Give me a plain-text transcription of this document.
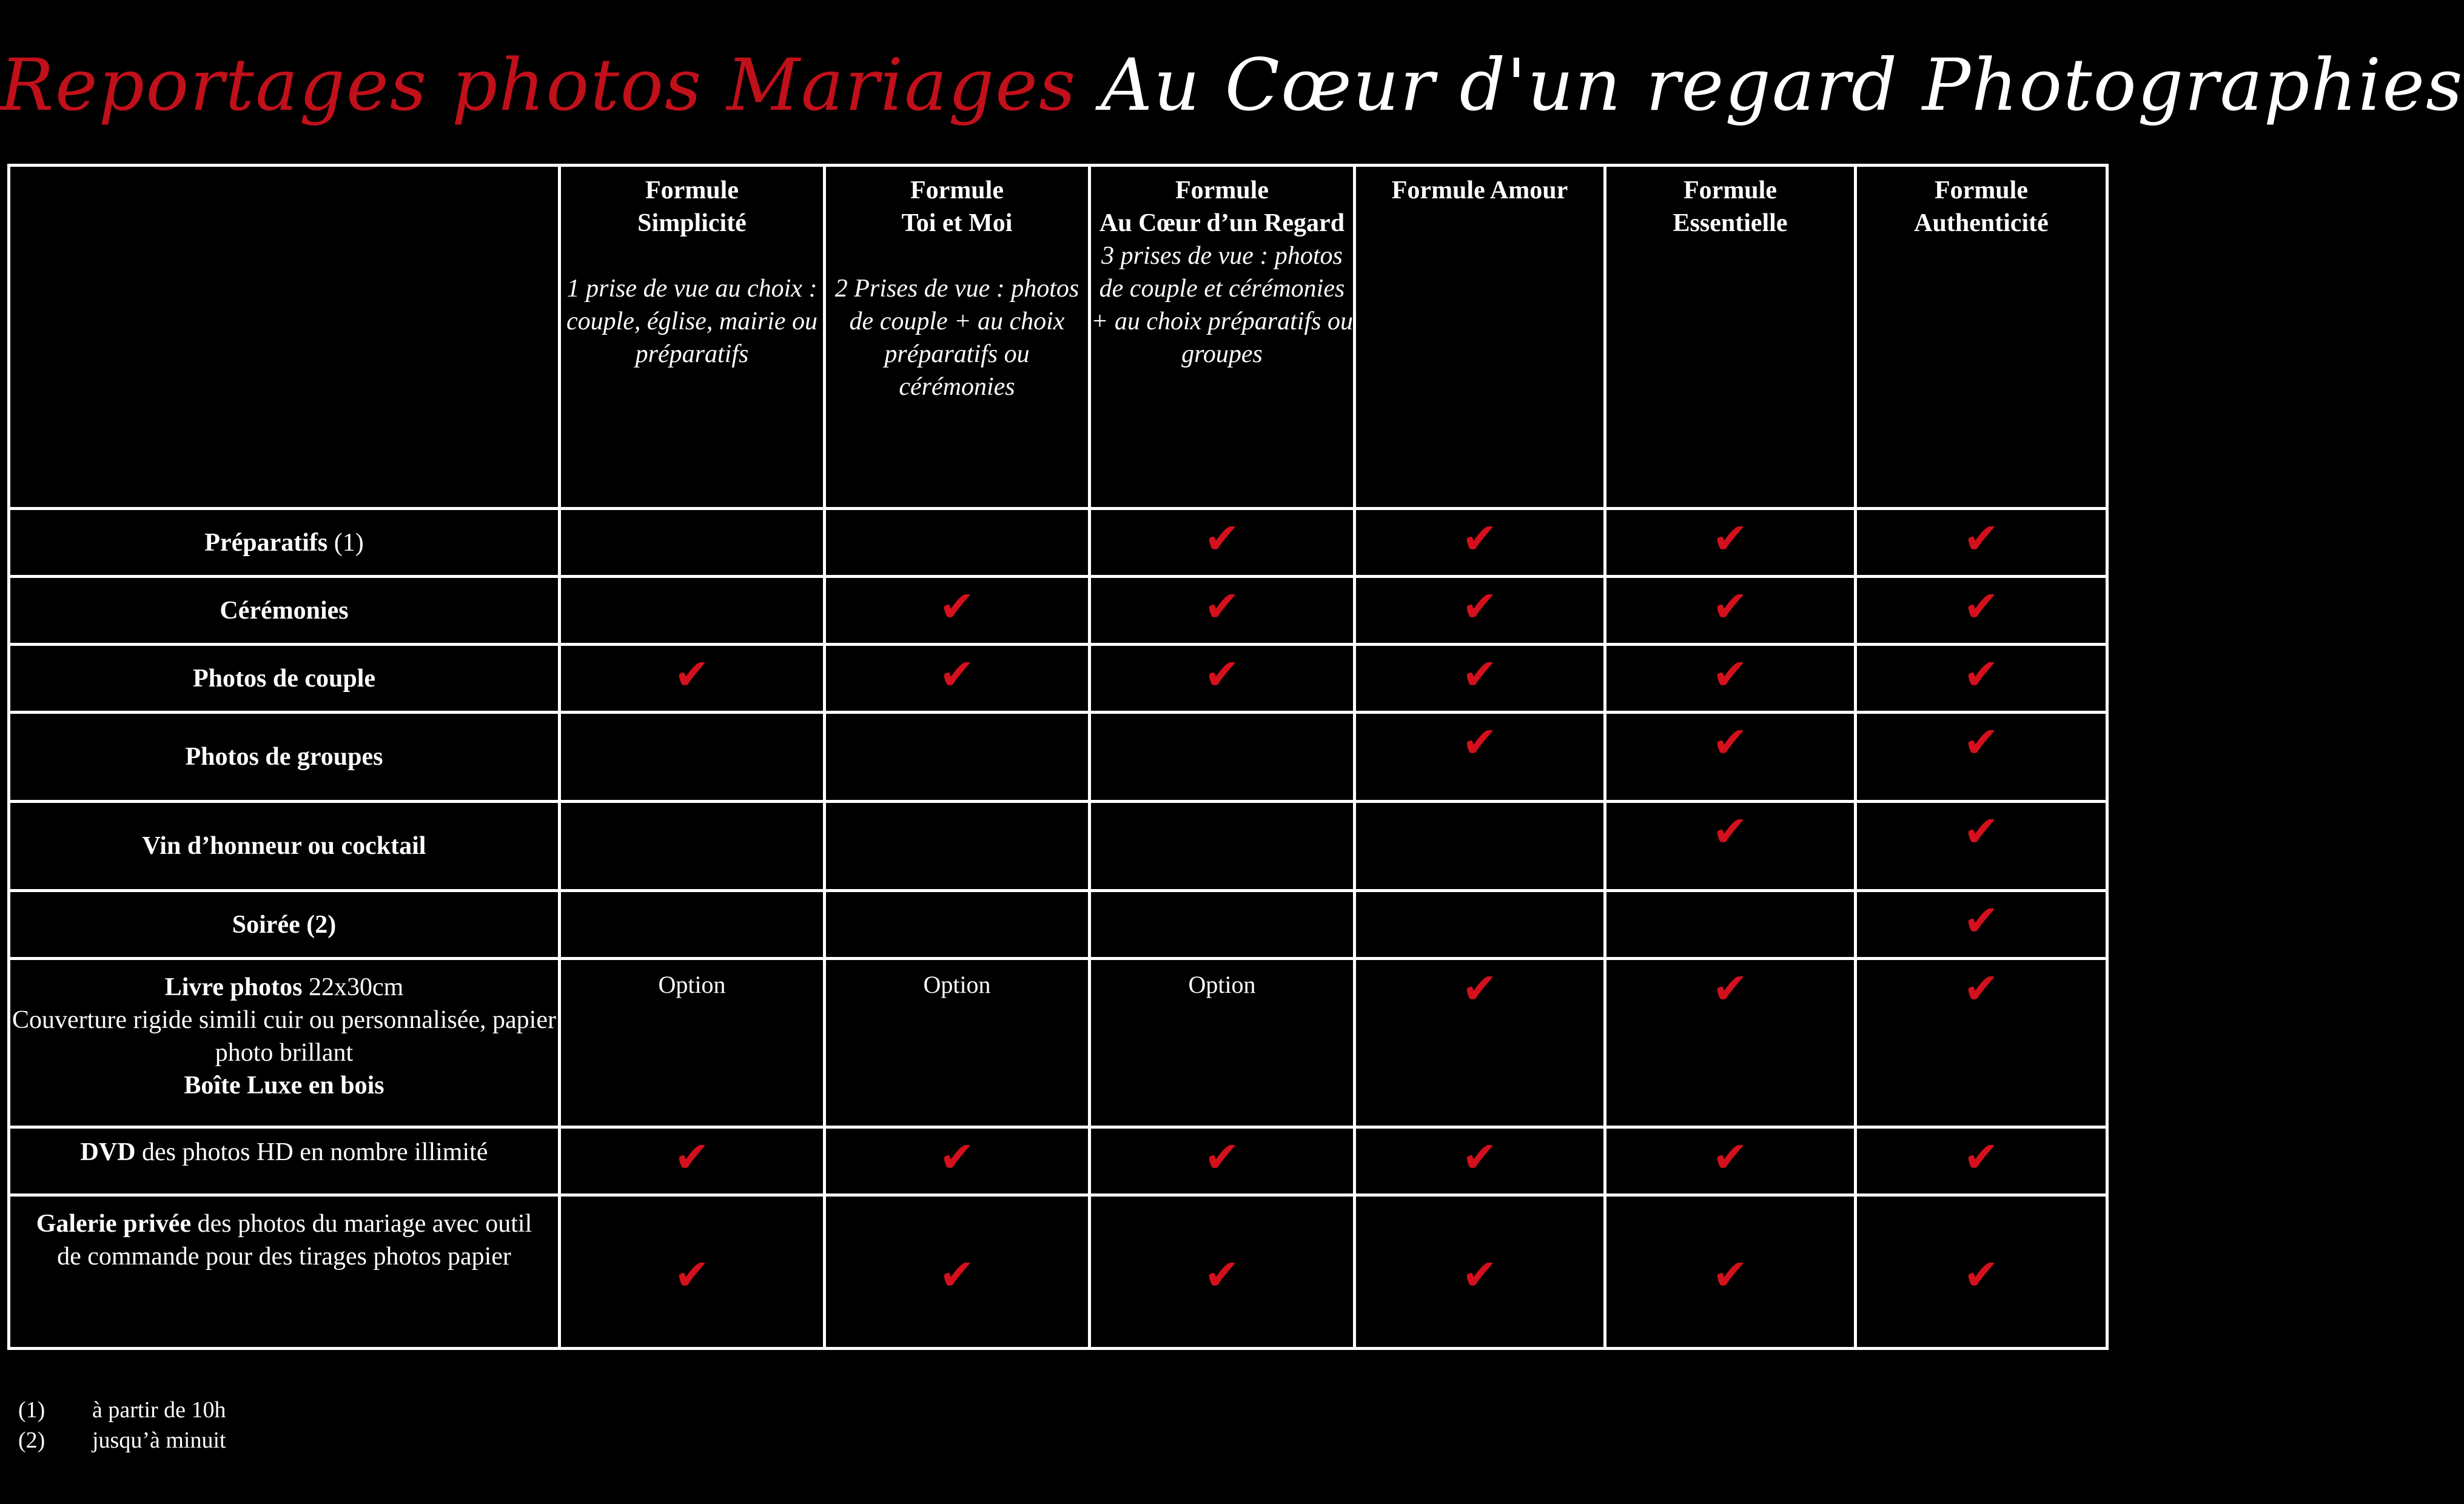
Reportages photos Mariages Au Cœur d'un regard Photographies

	Formule
Simplicité
1 prise de vue au choix : couple, église, mairie ou préparatifs	Formule
Toi et Moi
2 Prises de vue : photos de couple + au choix préparatifs ou cérémonies	Formule
Au Cœur d’un Regard
3 prises de vue : photos de couple et cérémonies + au choix préparatifs ou groupes	Formule Amour	Formule
Essentielle	Formule
Authenticité

Préparatifs (1)			✔	✔	✔	✔
Cérémonies		✔	✔	✔	✔	✔
Photos de couple	✔	✔	✔	✔	✔	✔
Photos de groupes				✔	✔	✔
Vin d’honneur ou cocktail					✔	✔
Soirée (2)						✔
Livre photos 22x30cm
Couverture rigide simili cuir ou personnalisée, papier photo brillant
Boîte Luxe en bois	Option	Option	Option	✔	✔	✔
DVD des photos HD en nombre illimité	✔	✔	✔	✔	✔	✔
Galerie privée des photos du mariage avec outil de commande pour des tirages photos papier	✔	✔	✔	✔	✔	✔
(1) à partir de 10h
(2) jusqu’à minuit
